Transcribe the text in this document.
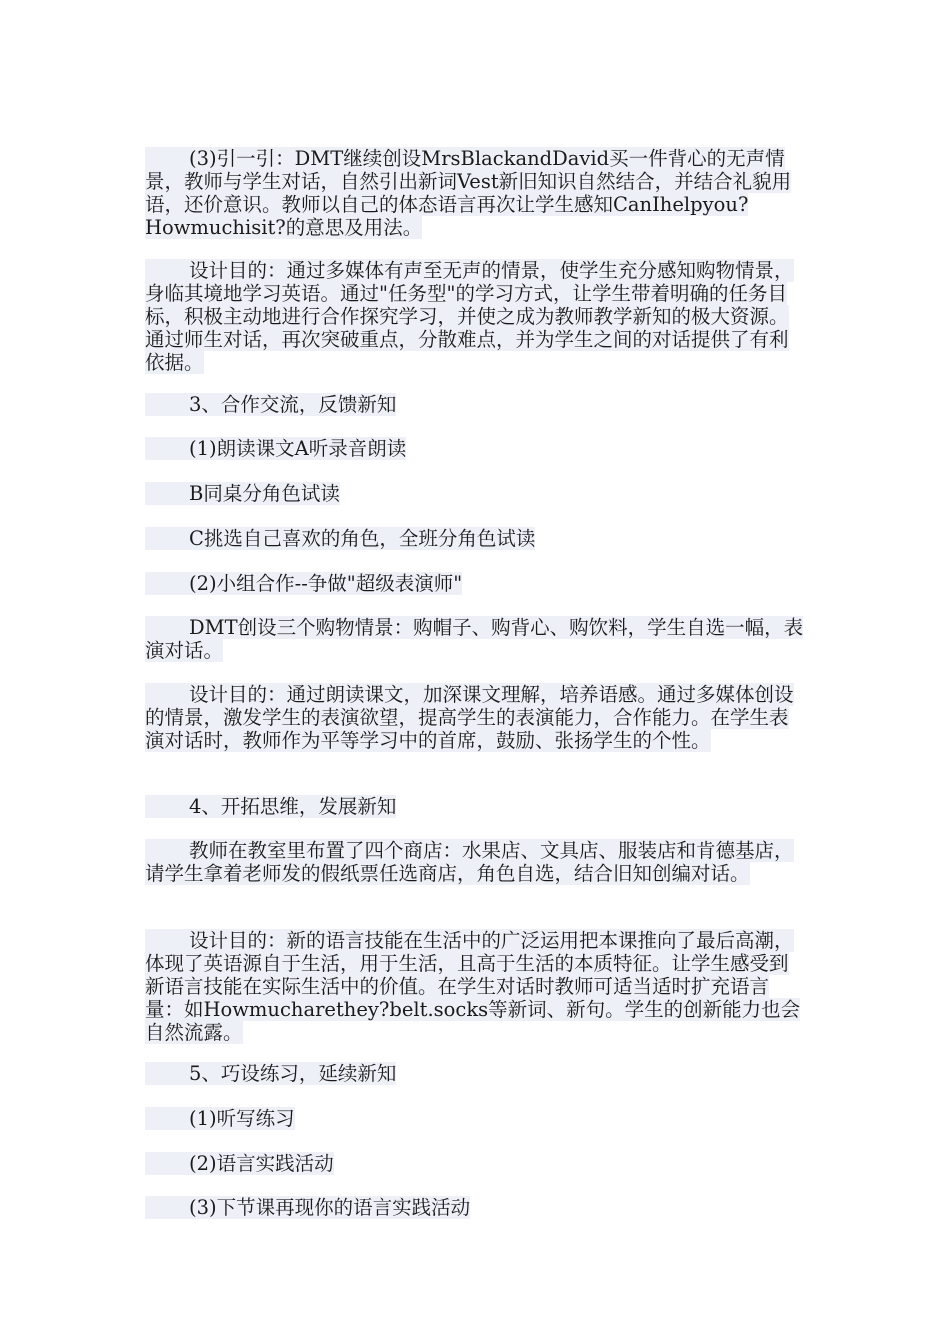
(3)引一引：DMT继续创设MrsBlackandDavid买一件背心的无声情景，教师与学生对话，自然引出新词Vest新旧知识自然结合，并结合礼貌用语，还价意识。教师以自己的体态语言再次让学生感知CanIhelpyou?Howmuchisit?的意思及用法。

设计目的：通过多媒体有声至无声的情景，使学生充分感知购物情景，身临其境地学习英语。通过"任务型"的学习方式，让学生带着明确的任务目标，积极主动地进行合作探究学习，并使之成为教师教学新知的极大资源。通过师生对话，再次突破重点，分散难点，并为学生之间的对话提供了有利依据。

3、合作交流，反馈新知

(1)朗读课文A听录音朗读

B同桌分角色试读

C挑选自己喜欢的角色，全班分角色试读

(2)小组合作--争做"超级表演师"

DMT创设三个购物情景：购帽子、购背心、购饮料，学生自选一幅，表演对话。

设计目的：通过朗读课文，加深课文理解，培养语感。通过多媒体创设的情景，激发学生的表演欲望，提高学生的表演能力，合作能力。在学生表演对话时，教师作为平等学习中的首席，鼓励、张扬学生的个性。

4、开拓思维，发展新知

教师在教室里布置了四个商店：水果店、文具店、服装店和肯德基店，请学生拿着老师发的假纸票任选商店，角色自选，结合旧知创编对话。

设计目的：新的语言技能在生活中的广泛运用把本课推向了最后高潮，体现了英语源自于生活，用于生活，且高于生活的本质特征。让学生感受到新语言技能在实际生活中的价值。在学生对话时教师可适当适时扩充语言量：如Howmucharethey?belt.socks等新词、新句。学生的创新能力也会自然流露。

5、巧设练习，延续新知

(1)听写练习

(2)语言实践活动

(3)下节课再现你的语言实践活动
